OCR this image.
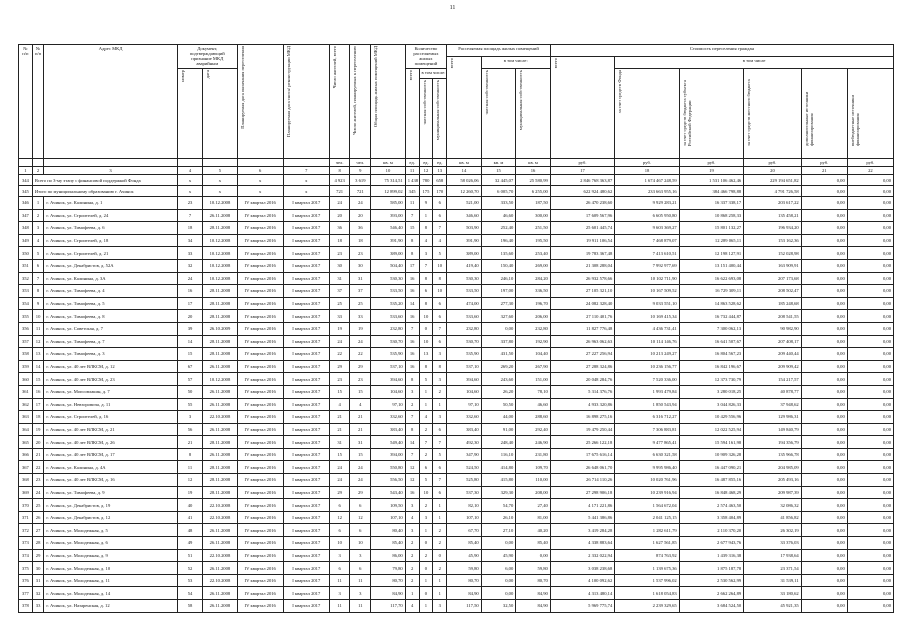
11
№ п/п	№ п/п	Адрес МКД	Документ, подтверждающий признание МКД аварийным		Планируемая дата окончания переселения	Планируемая дата сноса/ реконструкции МКД	Число жителей, всего	Число жителей, планируемых к переселению	Общая площадь жилых помещений МКД	Количество расселяемых жилых помещений			Расселяемая площадь жилых помещений			Стоимость переселения граждан					

													всего	в том числе:		всего	в том числе				

			номер	дата						всего	в том числе:			частная собственность	муниципальная собственность		за счет средств Фонда	за счет средств бюджета субъекта Российской Федерации	за счет средств местного бюджета	дополнительные источники финансирования	внебюджетные источники финансирования

											частная собственность	муниципальная собственность									

							чел.	чел.	кв. м	ед.	ед.	ед.	кв. м	кв. м	кв. м	руб.	руб.	руб.	руб.	руб.	руб.
1	2	3	4	5	6	7	8	9	10	11	12	13	14	15	16	17	18	19	20	21	22
344	Всего по 3-му этапу с финансовой поддержкой Фонда		x	x	x	x	4 923	3 619	75 314,51	1 438	780	658	58 026,06	32 445,07	25 580,99	2 846 768 363,87	1 674 467 248,59	1 531 106 462,46	229 194 651,82	0,00	0,00
345	Итого по муниципальному образованию г. Ачинск		x	x	x	x	721	721	12 899,02	345	175	170	12 260,70	6 005,70	6 255,00	622 924 480,62	233 663 955,16	384 466 798,88	4 791 726,58	0,00	0,00
346	1	г. Ачинск, ул. Калинина, д. 1	23	10.12.2008	IV квартал 2016	I квартал 2017	24	24	585,00	11	9	6	521,00	333,50	187,50	26 470 238,60	9 929 283,21	16 337 338,17	203 617,22	0,00	0,00
347	2	г. Ачинск, ул. Строителей, д. 24	7	26.11.2008	IV квартал 2016	I квартал 2017	20	20	393,00	7	1	6	346,60	46,60	300,00	17 609 567,96	6 605 950,80	10 868 258,33	135 458,21	0,00	0,00
348	3	г. Ачинск, ул. Тимофеева, д. 6	18	28.11.2008	IV квартал 2016	I квартал 2017	36	36	546,40	15	8	7	503,90	252,40	251,50	25 601 445,74	9 603 369,27	15 801 132,27	196 934,20	0,00	0,00
349	4	г. Ачинск, ул. Строителей, д. 18	34	10.12.2008	IV квартал 2016	I квартал 2017	18	18	391,90	8	4	4	391,90	196,40	195,50	19 911 106,54	7 468 879,07	12 289 065,11	153 162,36	0,00	0,00
350	5	г. Ачинск, ул. Строителей, д. 21	33	10.12.2008	IV квартал 2016	I квартал 2017	23	23	389,00	8	3	5	389,00	135,60	253,40	19 783 367,48	7 413 610,51	12 198 127,91	152 028,98	0,00	0,00
351	6	г. Ачинск, ул. Декабристов, д. 52А	32	10.12.2008	IV квартал 2016	I квартал 2017	30	30	504,40	17	7	10	419,40	150,40	269,00	21 308 288,04	7 992 977,69	13 151 400,44	163 909,91	0,00	0,00
352	7	г. Ачинск, ул. Калинина, д. 3А	24	10.12.2008	IV квартал 2016	I квартал 2017	31	31	530,30	16	8	8	530,30	246,10	284,20	26 932 578,66	10 102 711,90	16 622 693,08	207 173,68	0,00	0,00
353	8	г. Ачинск, ул. Тимофеева, д. 4	16	28.11.2008	IV квартал 2016	I квартал 2017	37	37	533,50	16	6	10	533,50	197,00	336,50	27 105 321,10	10 167 509,52	16 729 309,11	208 502,47	0,00	0,00
354	9	г. Ачинск, ул. Тимофеева, д. 5	17	28.11.2008	IV квартал 2016	I квартал 2017	25	25	535,20	14	8	6	474,00	277,30	196,70	24 082 328,40	9 033 551,10	14 863 528,62	185 248,68	0,00	0,00
355	10	г. Ачинск, ул. Тимофеева, д. 8	20	28.11.2008	IV квартал 2016	I квартал 2017	33	33	533,60	16	10	6	533,60	327,60	206,00	27 110 401,76	10 169 415,34	16 732 444,87	208 541,55	0,00	0,00
356	11	г. Ачинск, ул. Советская, д. 7	39	26.10.2009	IV квартал 2016	I квартал 2017	19	19	232,80	7	0	7	232,80	0,00	232,80	11 827 776,48	4 436 731,41	7 300 062,13	90 982,90	0,00	0,00
357	12	г. Ачинск, ул. Тимофеева, д. 7	14	28.11.2008	IV квартал 2016	I квартал 2017	24	24	530,70	16	10	6	530,70	337,80	192,90	26 963 062,63	10 114 146,76	16 641 507,67	207 408,17	0,00	0,00
358	13	г. Ачинск, ул. Тимофеева, д. 3	15	28.11.2008	IV квартал 2016	I квартал 2017	22	22	535,90	16	13	3	535,90	431,50	104,40	27 227 256,94	10 213 249,27	16 804 567,23	209 440,44	0,00	0,00
359	14	г. Ачинск, ул. 40 лет ВЛКСМ, д. 12	67	26.11.2008	IV квартал 2016	I квартал 2017	29	29	537,10	16	8	8	537,10	269,20	267,90	27 288 324,86	10 236 156,77	16 842 196,67	209 909,42	0,00	0,00
360	15	г. Ачинск, ул. 40 лет ВЛКСМ, д. 23	57	10.12.2008	IV квартал 2016	I квартал 2017	23	23	394,60	8	5	3	394,60	243,60	151,00	20 048 284,76	7 520 336,00	12 373 730,79	154 217,57	0,00	0,00
361	16	г. Ачинск, ул. Мопсовлакин, д. 7	50	26.11.2008	IV квартал 2016	I квартал 2017	15	15	104,60	3	1	2	104,60	26,20	78,10	5 314 376,76	1 993 479,84	3 280 018,25	40 878,77	0,00	0,00
362	17	г. Ачинск, ул. Невзоровича, д. 11	55	26.11.2008	IV квартал 2016	I квартал 2017	4	4	97,10	2	1	1	97,10	50,50	46,60	4 933 320,86	1 850 543,94	3 044 826,33	37 948,62	0,00	0,00
363	18	г. Ачинск, ул. Строителей, д. 16	3	22.10.2008	IV квартал 2016	I квартал 2017	21	21	332,60	7	4	3	332,60	44,00	288,60	16 898 275,16	6 316 712,27	10 429 556,96	129 986,31	0,00	0,00
364	19	г. Ачинск, ул. 40 лет ВЛКСМ, д. 21	56	26.11.2008	IV квартал 2016	I квартал 2017	21	21	383,40	8	2	6	383,40	91,00	292,40	19 479 250,44	7 306 883,81	12 022 525,94	149 840,79	0,00	0,00
365	20	г. Ачинск, ул. 40 лет ВЛКСМ, д. 26	21	28.11.2008	IV квартал 2016	I квартал 2017	31	31	549,40	14	7	7	492,30	248,40	246,90	25 266 122,18	9 477 865,41	15 594 161,98	194 356,79	0,00	0,00
366	21	г. Ачинск, ул. 40 лет ВЛКСМ, д. 17	8	26.11.2008	IV квартал 2016	I квартал 2017	15	15	394,00	7	2	5	347,90	116,10	231,80	17 675 616,14	6 630 321,58	10 909 326,28	135 966,78	0,00	0,00
367	22	г. Ачинск, ул. Калинина, д. 4А	11	28.11.2008	IV квартал 2016	I квартал 2017	24	24	550,80	12	6	6	524,50	414,80	109,70	26 648 061,70	9 995 986,40	16 447 090,21	204 985,09	0,00	0,00
368	23	г. Ачинск, ул. 40 лет ВЛКСМ, д. 16	12	28.11.2008	IV квартал 2016	I квартал 2017	24	24	556,50	12	5	7	525,80	415,80	110,00	26 714 110,26	10 020 761,96	16 487 855,16	205 493,16	0,00	0,00
369	24	г. Ачинск, ул. Тимофеева, д. 9	19	28.11.2008	IV квартал 2016	I квартал 2017	29	29	543,40	16	10	6	537,30	329,30	208,00	27 298 906,18	10 239 916,94	16 848 468,29	209 987,39	0,00	0,00
370	25	г. Ачинск, ул. Декабристов, д. 19	40	22.10.2008	IV квартал 2016	I квартал 2017	6	6	109,50	3	2	1	82,10	54,70	27,40	4 171 221,86	1 564 672,04	2 574 463,50	32 086,32	0,00	0,00
371	26	г. Ачинск, ул. Декабристов, д. 12	41	22.10.2008	IV квартал 2016	I квартал 2017	12	12	107,10	4	3	1	107,10	26,10	81,00	5 441 386,86	2 041 125,15	3 358 404,89	41 856,82	0,00	0,00
372	27	г. Ачинск, ул. Молодежная, д. 5	48	26.11.2008	IV квартал 2016	I квартал 2017	6	6	80,40	3	1	2	67,70	27,10	40,20	3 419 284,28	1 282 611,79	2 110 370,20	26 302,19	0,00	0,00
373	28	г. Ачинск, ул. Молодежная, д. 6	49	26.11.2008	IV квартал 2016	I квартал 2017	10	10	85,40	2	0	2	85,40	0,00	85,40	4 338 883,64	1 627 561,85	2 677 943,76	33 376,03	0,00	0,00
374	29	г. Ачинск, ул. Молодежная, д. 9	51	22.10.2008	IV квартал 2016	I квартал 2017	3	3	86,00	2	2	0	45,90	45,90	0,00	2 332 022,94	874 763,92	1 439 316,38	17 938,64	0,00	0,00
375	30	г. Ачинск, ул. Молодежная, д. 10	52	26.11.2008	IV квартал 2016	I квартал 2017	6	6	79,80	2	0	2	59,80	6,00	59,80	3 038 238,68	1 139 675,36	1 875 187,78	23 371,54	0,00	0,00
376	31	г. Ачинск, ул. Молодежная, д. 11	53	22.10.2008	IV квартал 2016	I квартал 2017	11	11	80,70	2	1	1	80,70	0,00	80,70	4 100 092,62	1 537 996,02	2 530 562,99	31 539,11	0,00	0,00
377	32	г. Ачинск, ул. Молодежная, д. 14	54	26.11.2008	IV квартал 2016	I квартал 2017	3	3	84,90	1	0	1	84,90	0,00	84,90	4 313 480,14	1 618 054,83	2 662 264,89	33 180,62	0,00	0,00
378	33	г. Ачинск, ул. Назаренская, д. 12	58	26.11.2008	IV квартал 2016	I квартал 2017	11	11	117,70	4	1	3	117,50	32,50	84,90	5 969 775,74	2 239 329,65	3 684 524,50	45 921,35	0,00	0,00
